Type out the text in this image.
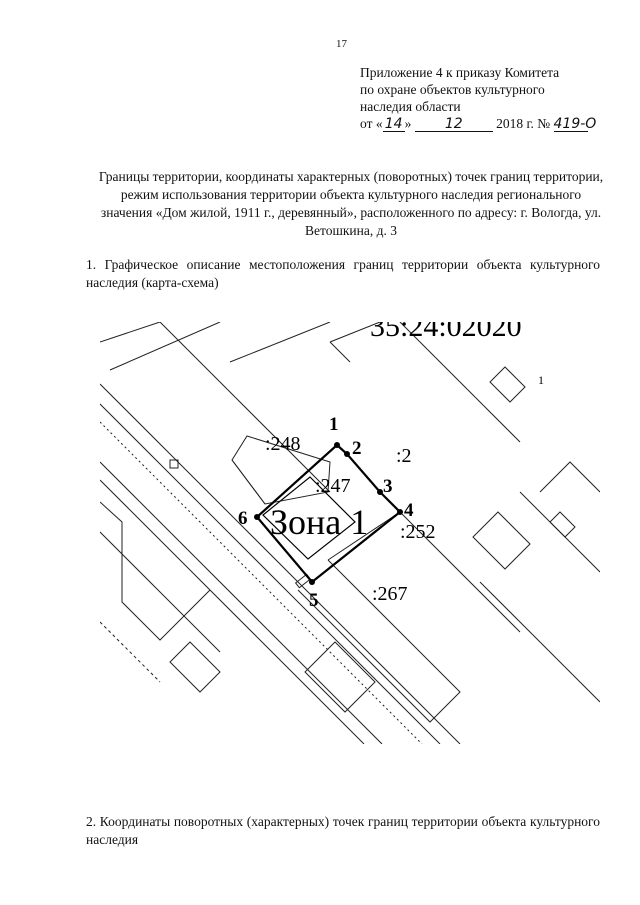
17
Приложение 4 к приказу Комитета
по охране объектов культурного
наследия области
от « 14 » 12 2018 г. № 419-О
Границы территории, координаты характерных (поворотных) точек границ территории, режим использования территории объекта культурного наследия регионального значения «Дом жилой, 1911 г., деревянный», расположенного по адресу: г. Вологда, ул. Ветошкина, д. 3
1. Графическое описание местоположения границ территории объекта культурного наследия (карта-схема)
35:24:02020
1
:248
:247
:2
:252
:267
Зона 1
1
2
3
4
5
6
2. Координаты поворотных (характерных) точек границ территории объекта культурного наследия
